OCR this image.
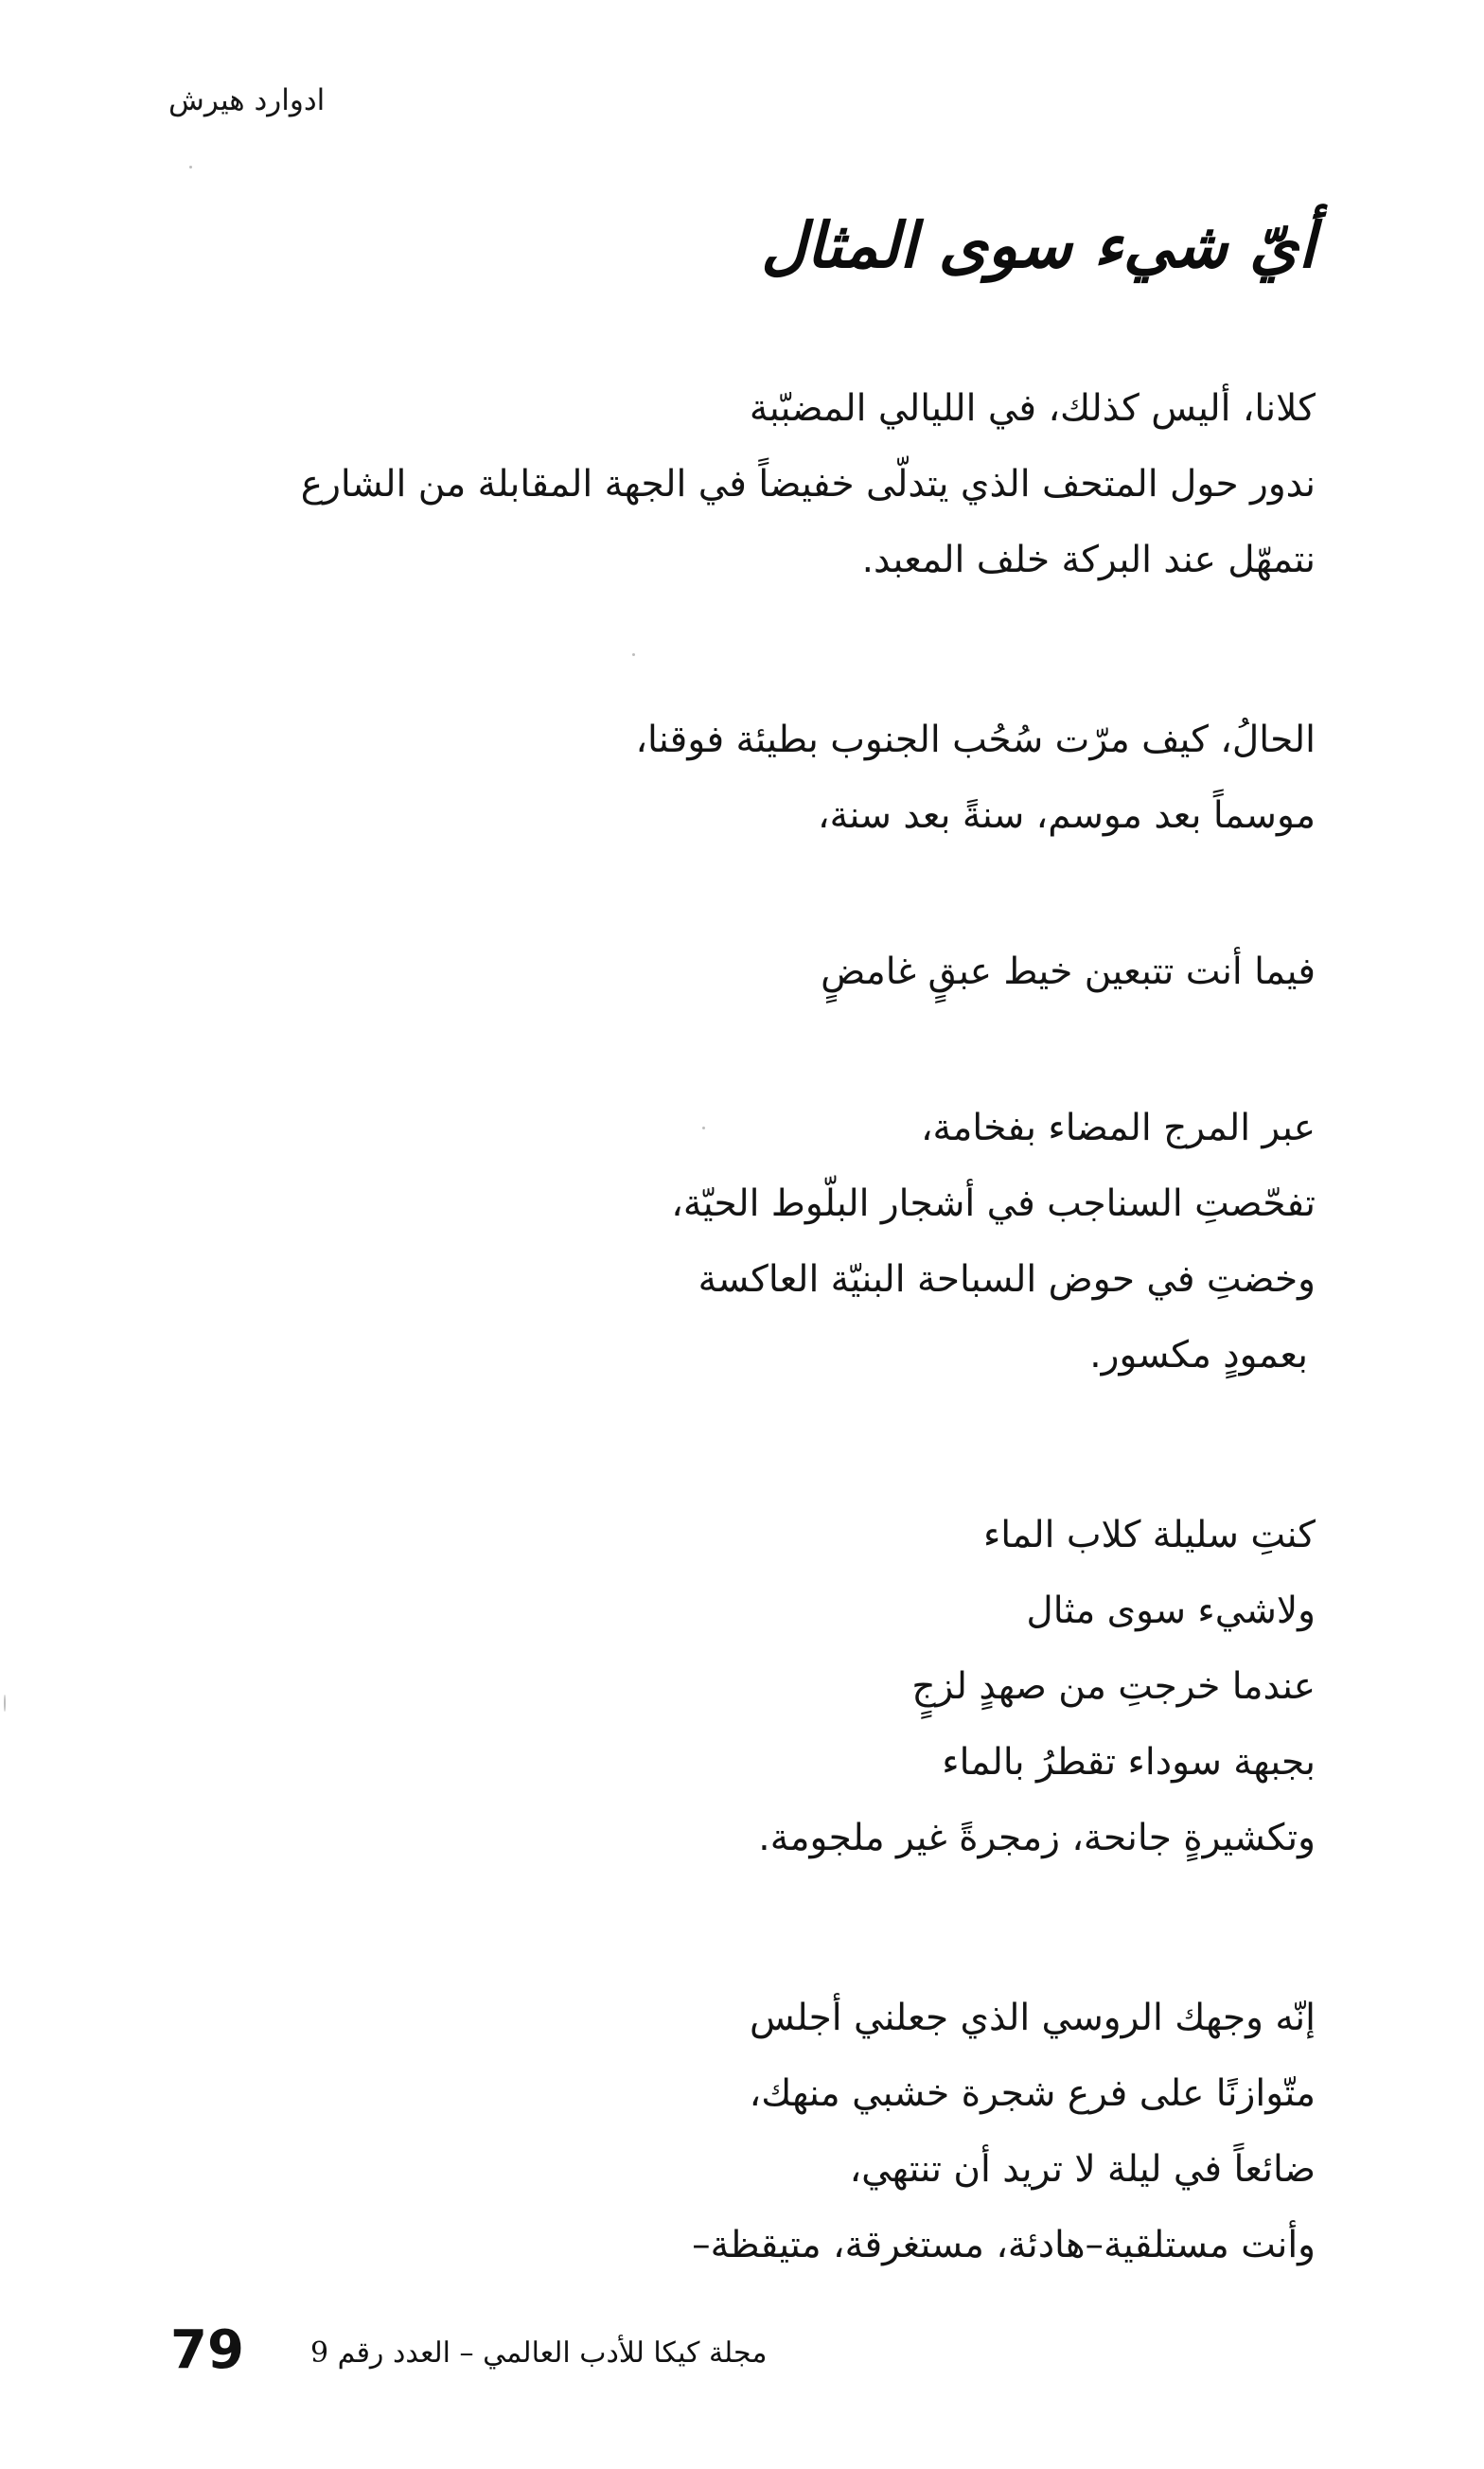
ادوارد هيرش
أيّ شيء سوى المثال
كلانا، أليس كذلك، في الليالي المضبّبة
ندور حول المتحف الذي يتدلّى خفيضاً في الجهة المقابلة من الشارع
نتمهّل عند البركة خلف المعبد.
الحالُ، كيف مرّت سُحُب الجنوب بطيئة فوقنا،
موسماً بعد موسم، سنةً بعد سنة،
فيما أنت تتبعين خيط عبقٍ غامضٍ
عبر المرج المضاء بفخامة،
تفحّصتِ السناجب في أشجار البلّوط الحيّة،
وخضتِ في حوض السباحة البنيّة العاكسة
بعمودٍ مكسور.
كنتِ سليلة كلاب الماء
ولاشيء سوى مثال
عندما خرجتِ من صهدٍ لزجٍ
بجبهة سوداء تقطرُ بالماء
وتكشيرةٍ جانحة، زمجرةً غير ملجومة.
إنّه وجهك الروسي الذي جعلني أجلس
متّوازنًا على فرع شجرة خشبي منهك،
ضائعاً في ليلة لا تريد أن تنتهي،
وأنت مستلقية–هادئة، مستغرقة، متيقظة–
79 مجلة كيكا للأدب العالمي – العدد رقم 9
